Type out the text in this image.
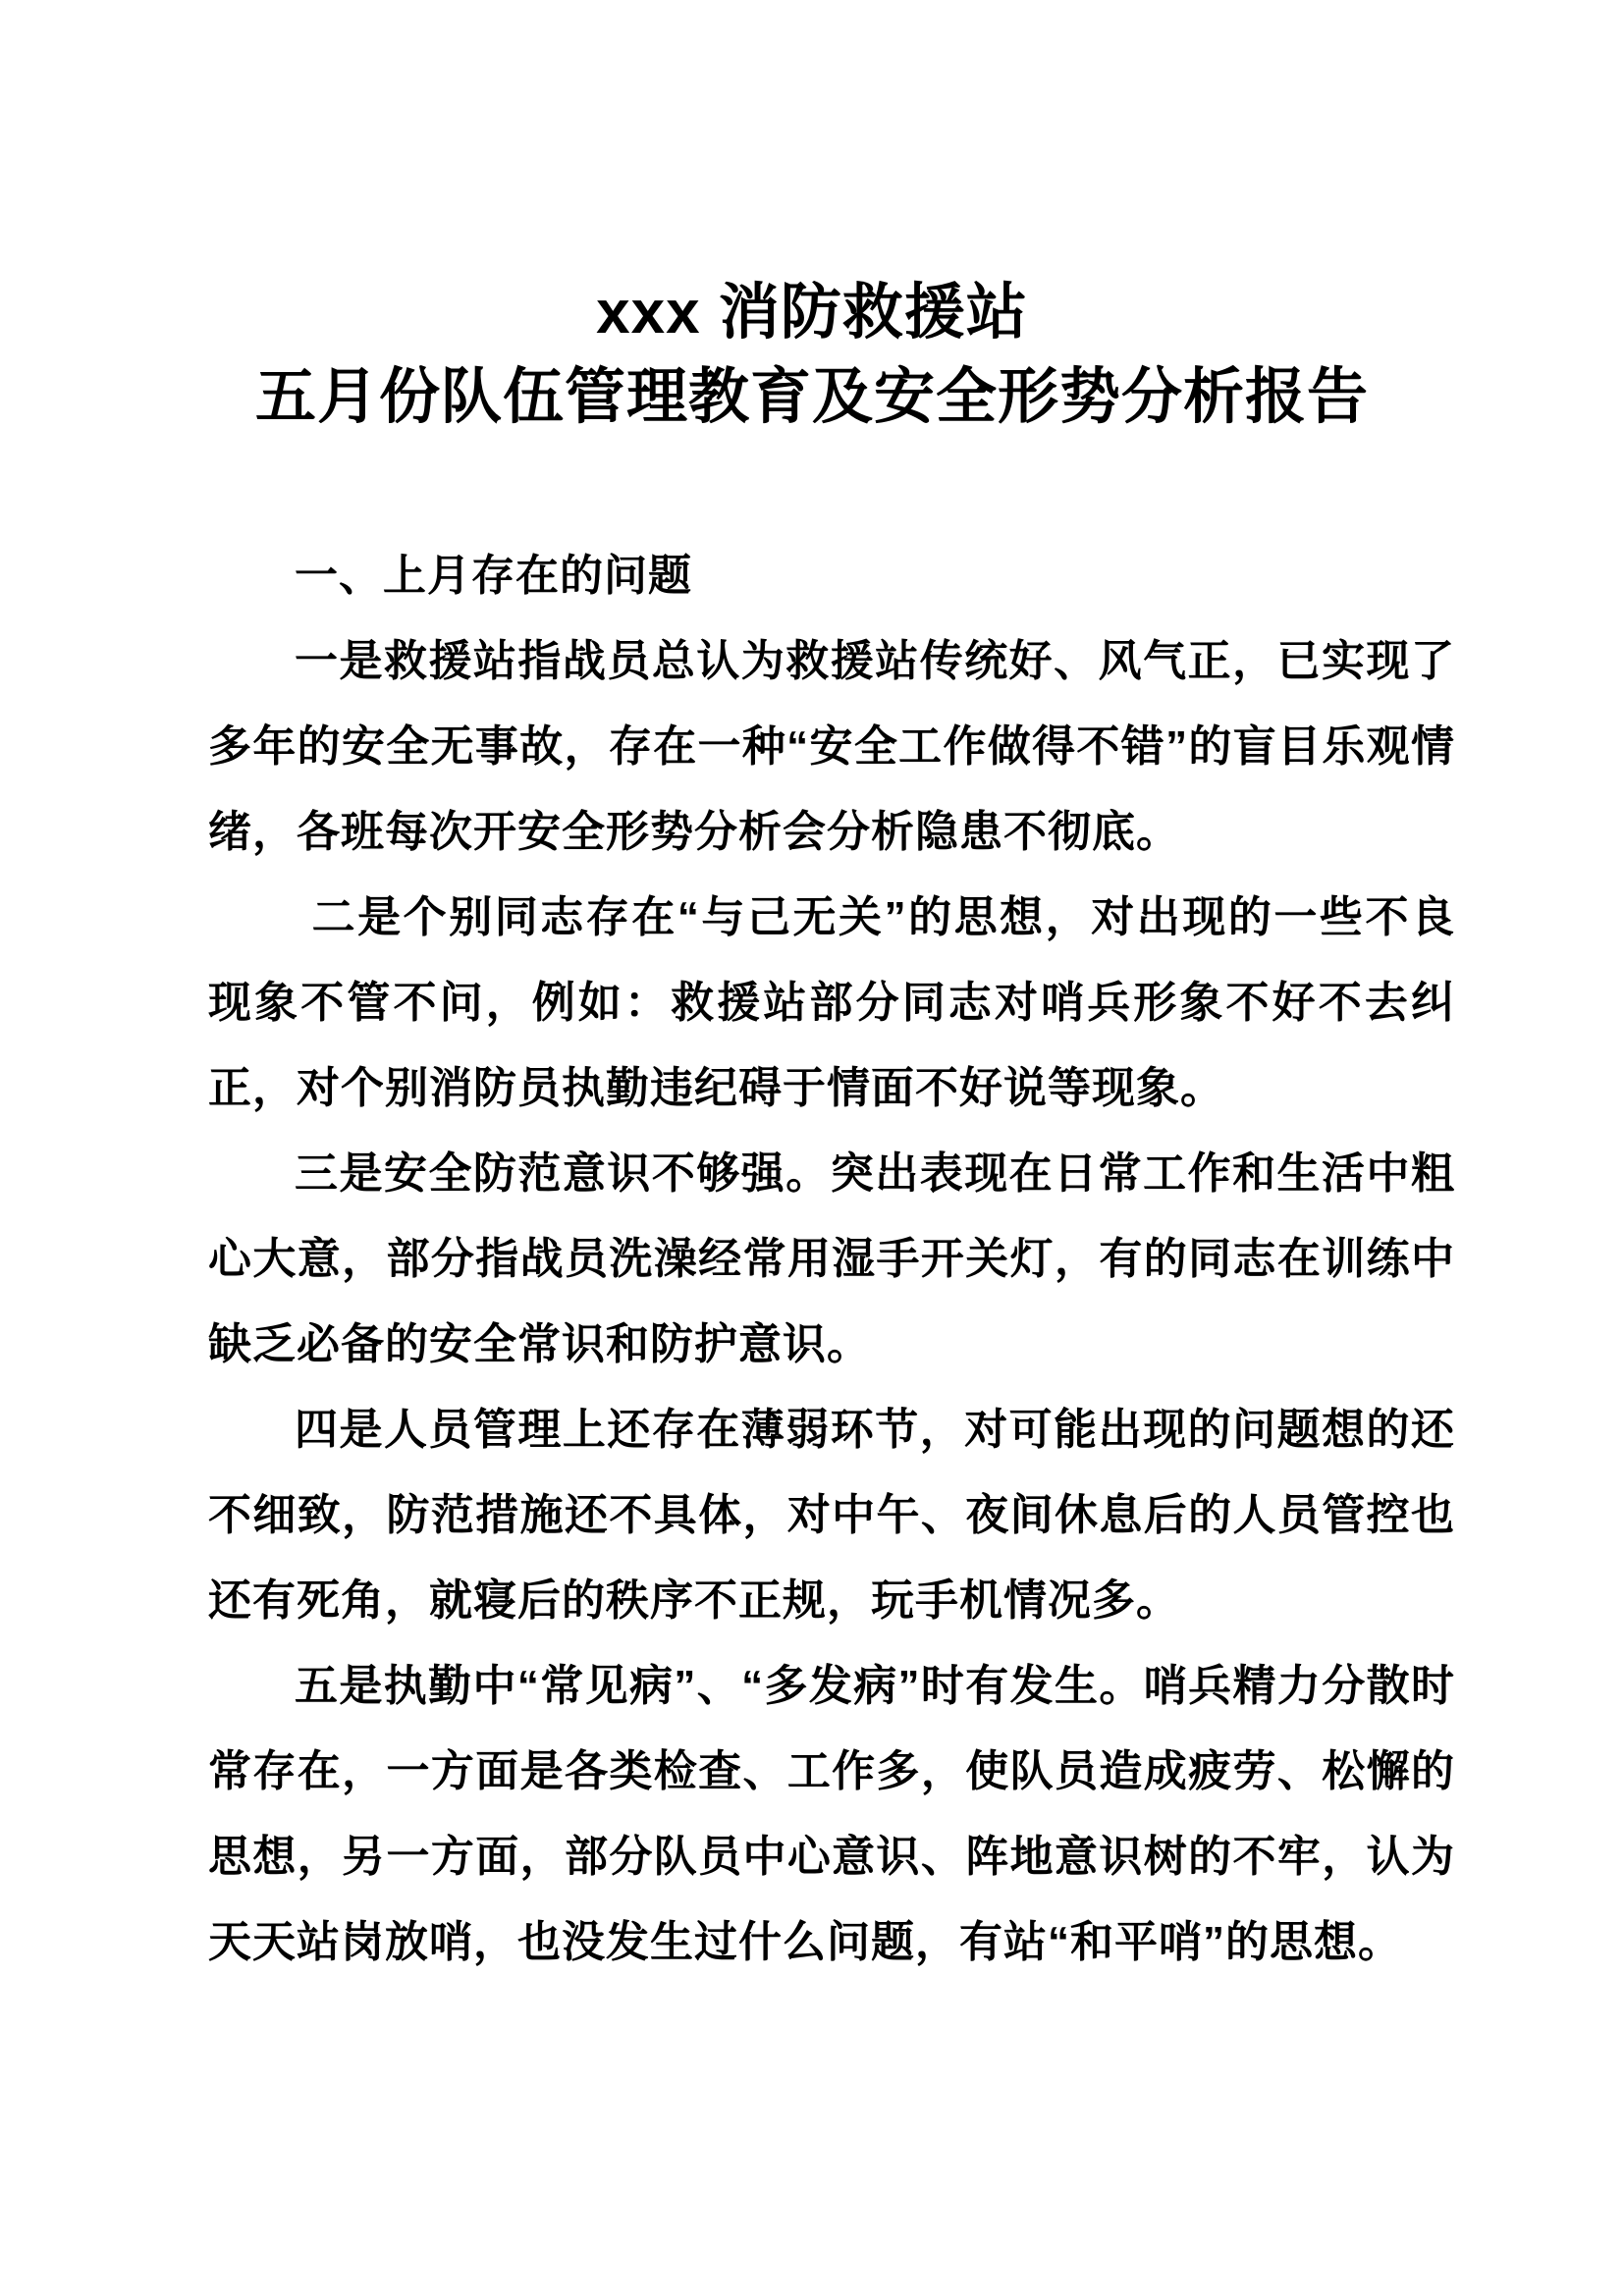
xxx 消防救援站
五月份队伍管理教育及安全形势分析报告

一、上月存在的问题

一是救援站指战员总认为救援站传统好、风气正，已实现了多年的安全无事故，存在一种“安全工作做得不错”的盲目乐观情绪，各班每次开安全形势分析会分析隐患不彻底。

二是个别同志存在“与己无关”的思想，对出现的一些不良现象不管不问，例如：救援站部分同志对哨兵形象不好不去纠正，对个别消防员执勤违纪碍于情面不好说等现象。

三是安全防范意识不够强。突出表现在日常工作和生活中粗心大意，部分指战员洗澡经常用湿手开关灯，有的同志在训练中缺乏必备的安全常识和防护意识。

四是人员管理上还存在薄弱环节，对可能出现的问题想的还不细致，防范措施还不具体，对中午、夜间休息后的人员管控也还有死角，就寝后的秩序不正规，玩手机情况多。

五是执勤中“常见病”、“多发病”时有发生。哨兵精力分散时常存在，一方面是各类检查、工作多，使队员造成疲劳、松懈的思想，另一方面，部分队员中心意识、阵地意识树的不牢，认为天天站岗放哨，也没发生过什么问题，有站“和平哨”的思想。
